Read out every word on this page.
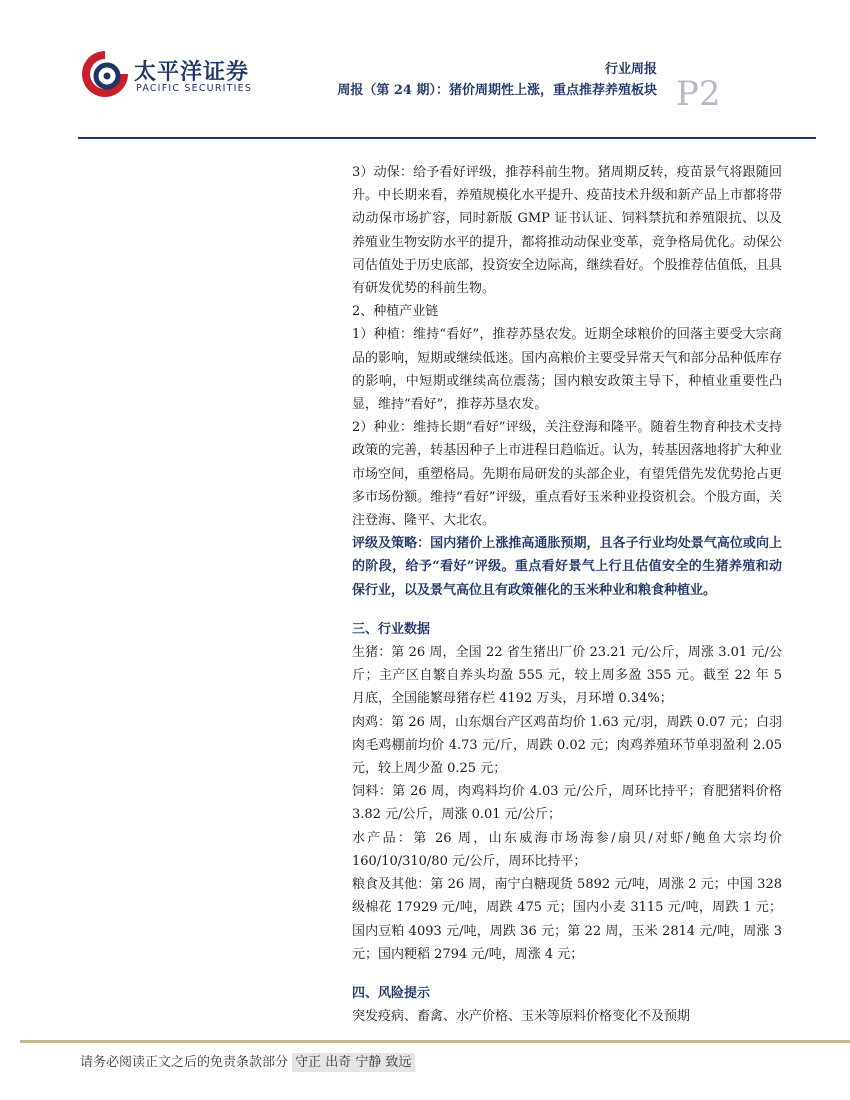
太平洋证券
PACIFIC SECURITIES
行业周报
周报（第 24 期）：猪价周期性上涨，重点推荐养殖板块 P2

3）动保：给予看好评级，推荐科前生物。猪周期反转，疫苗景气将跟随回升。中长期来看，养殖规模化水平提升、疫苗技术升级和新产品上市都将带动动保市场扩容，同时新版 GMP 证书认证、饲料禁抗和养殖限抗、以及养殖业生物安防水平的提升，都将推动动保业变革，竞争格局优化。动保公司估值处于历史底部，投资安全边际高，继续看好。个股推荐估值低，且具有研发优势的科前生物。

2、种植产业链

1）种植：维持“看好”，推荐苏垦农发。近期全球粮价的回落主要受大宗商品的影响，短期或继续低迷。国内高粮价主要受异常天气和部分品种低库存的影响，中短期或继续高位震荡；国内粮安政策主导下，种植业重要性凸显，维持“看好”，推荐苏垦农发。

2）种业：维持长期“看好”评级，关注登海和隆平。随着生物育种技术支持政策的完善，转基因种子上市进程日趋临近。认为，转基因落地将扩大种业市场空间，重塑格局。先期布局研发的头部企业，有望凭借先发优势抢占更多市场份额。维持“看好”评级，重点看好玉米种业投资机会。个股方面，关注登海、隆平、大北农。

评级及策略：国内猪价上涨推高通胀预期，且各子行业均处景气高位或向上的阶段，给予“看好”评级。重点看好景气上行且估值安全的生猪养殖和动保行业，以及景气高位且有政策催化的玉米种业和粮食种植业。

三、行业数据

生猪：第 26 周，全国 22 省生猪出厂价 23.21 元/公斤，周涨 3.01 元/公斤；主产区自繁自养头均盈 555 元，较上周多盈 355 元。截至 22 年 5 月底，全国能繁母猪存栏 4192 万头，月环增 0.34%；

肉鸡：第 26 周，山东烟台产区鸡苗均价 1.63 元/羽，周跌 0.07 元；白羽肉毛鸡棚前均价 4.73 元/斤，周跌 0.02 元；肉鸡养殖环节单羽盈利 2.05 元，较上周少盈 0.25 元；

饲料：第 26 周，肉鸡料均价 4.03 元/公斤，周环比持平；育肥猪料价格 3.82 元/公斤，周涨 0.01 元/公斤；

水产品：第 26 周，山东威海市场海参/扇贝/对虾/鲍鱼大宗均价 160/10/310/80 元/公斤，周环比持平；

粮食及其他：第 26 周，南宁白糖现货 5892 元/吨，周涨 2 元；中国 328 级棉花 17929 元/吨，周跌 475 元；国内小麦 3115 元/吨，周跌 1 元；国内豆粕 4093 元/吨，周跌 36 元；第 22 周，玉米 2814 元/吨，周涨 3 元；国内粳稻 2794 元/吨，周涨 4 元；

四、风险提示

突发疫病、畜禽、水产价格、玉米等原料价格变化不及预期

请务必阅读正文之后的免责条款部分 守正 出奇 宁静 致远
